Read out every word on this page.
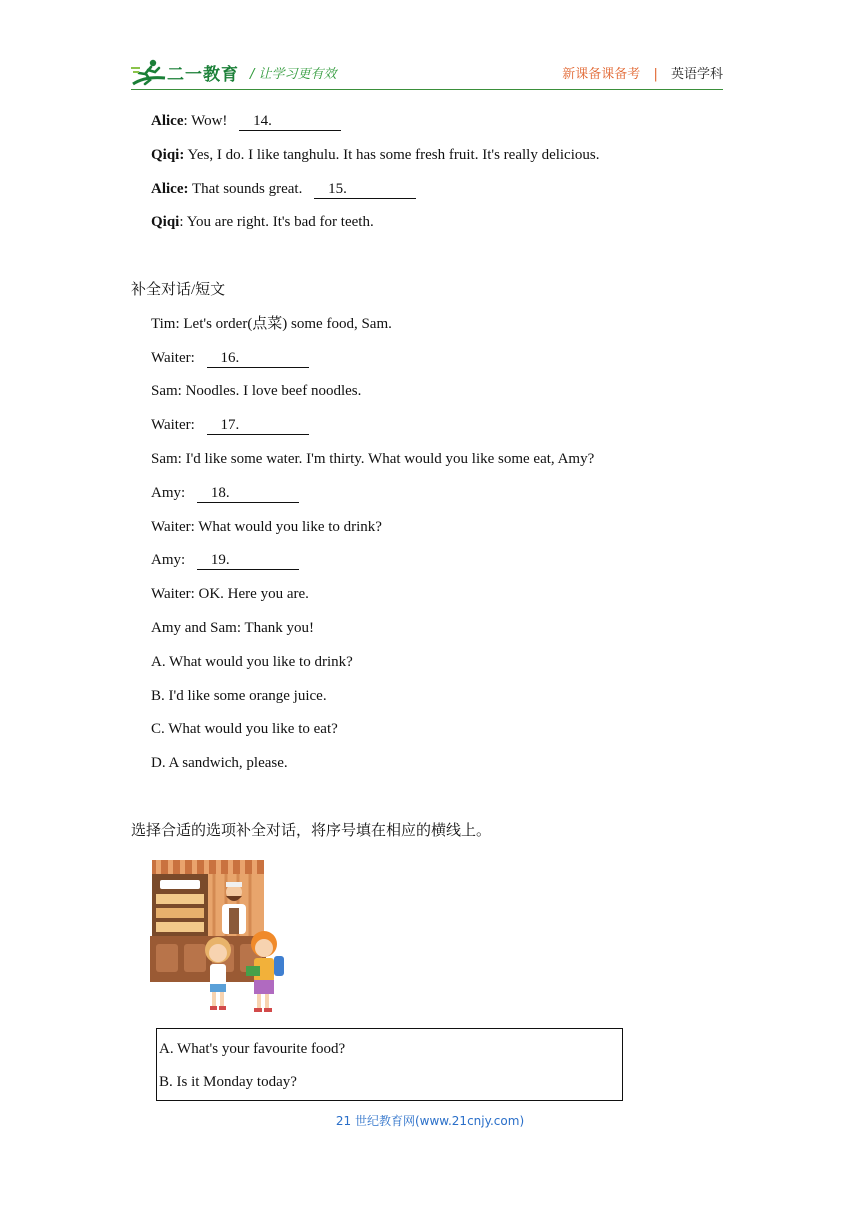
二一教育 / 让学习更有效	新课备课备考 | 英语学科
Alice: Wow! 14.
Qiqi: Yes, I do. I like tanghulu. It has some fresh fruit. It's really delicious.
Alice: That sounds great. 15.
Qiqi: You are right. It's bad for teeth.
补全对话/短文
Tim: Let's order(点菜) some food, Sam.
Waiter: 16.
Sam: Noodles. I love beef noodles.
Waiter: 17.
Sam: I'd like some water. I'm thirty. What would you like some eat, Amy?
Amy: 18.
Waiter: What would you like to drink?
Amy: 19.
Waiter: OK. Here you are.
Amy and Sam: Thank you!
A. What would you like to drink?
B. I'd like some orange juice.
C. What would you like to eat?
D. A sandwich, please.
选择合适的选项补全对话，将序号填在相应的横线上。
A. What's your favourite food?
B. Is it Monday today?
21 世纪教育网(www.21cnjy.com)
